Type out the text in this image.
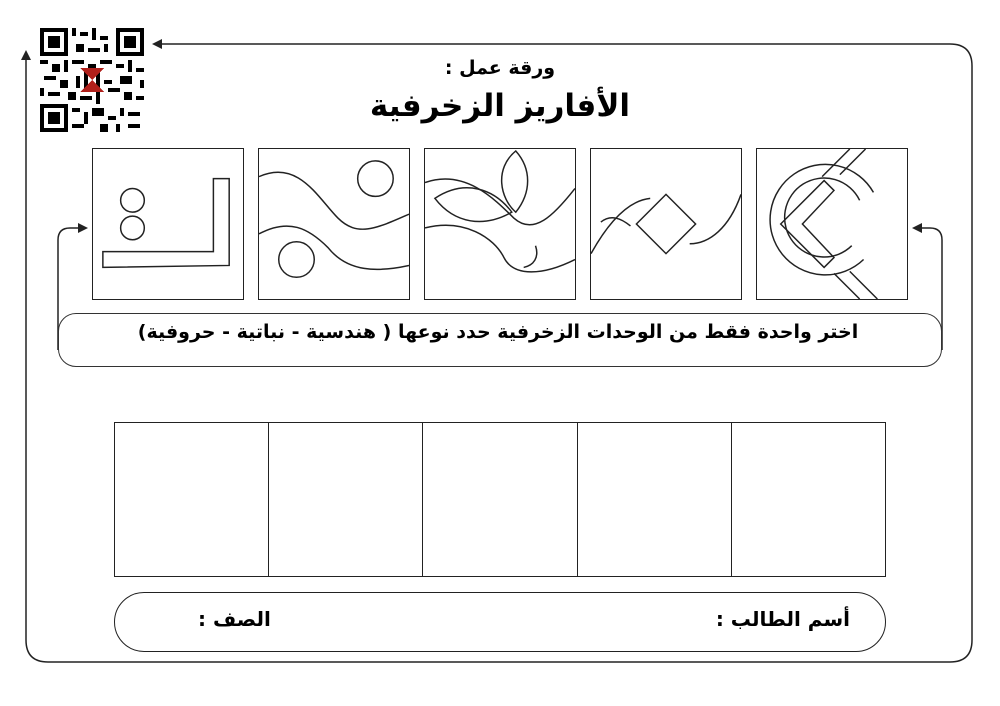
ورقة عمل :
الأفاريز الزخرفية
اختر واحدة فقط من الوحدات الزخرفية حدد نوعها ( هندسية - نباتية - حروفية)
أسم الطالب :
الصف :
